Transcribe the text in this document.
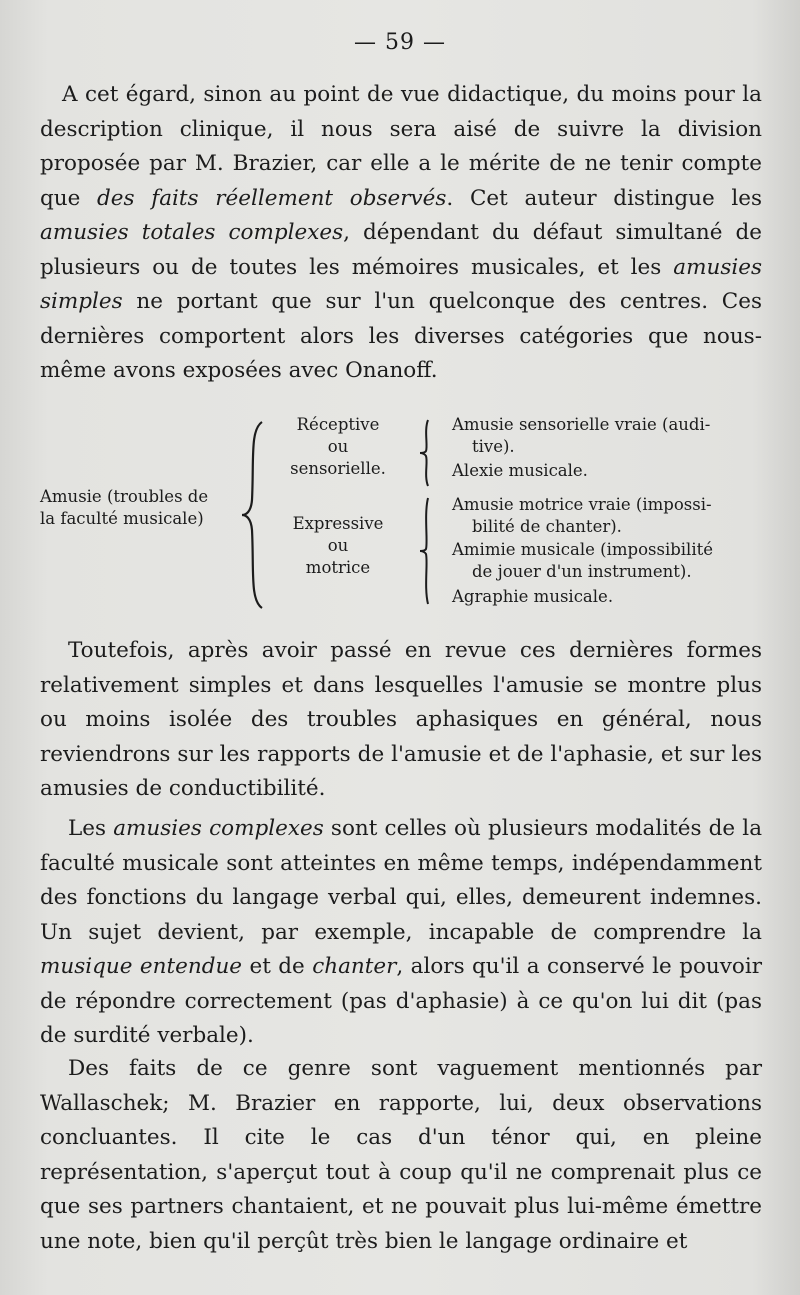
— 59 —

A cet égard, sinon au point de vue didactique, du moins pour la description clinique, il nous sera aisé de suivre la division proposée par M. Brazier, car elle a le mérite de ne tenir compte que des faits réellement observés. Cet auteur distingue les amusies totales complexes, dépendant du défaut simultané de plusieurs ou de toutes les mémoires musicales, et les amusies simples ne portant que sur l'un quelconque des centres. Ces dernières comportent alors les diverses catégories que nous-même avons exposées avec Onanoff.

Amusie (troubles de
la faculté musicale)
Réceptive
ou
sensorielle.
Expressive
ou
motrice
Amusie sensorielle vraie (audi-
tive).
Alexie musicale.
Amusie motrice vraie (impossi-
bilité de chanter).
Amimie musicale (impossibilité
de jouer d'un instrument).
Agraphie musicale.

Toutefois, après avoir passé en revue ces dernières formes relativement simples et dans lesquelles l'amusie se montre plus ou moins isolée des troubles aphasiques en général, nous reviendrons sur les rapports de l'amusie et de l'aphasie, et sur les amusies de conductibilité.

Les amusies complexes sont celles où plusieurs modalités de la faculté musicale sont atteintes en même temps, indépendamment des fonctions du langage verbal qui, elles, demeurent indemnes. Un sujet devient, par exemple, incapable de comprendre la musique entendue et de chanter, alors qu'il a conservé le pouvoir de répondre correctement (pas d'aphasie) à ce qu'on lui dit (pas de surdité verbale).

Des faits de ce genre sont vaguement mentionnés par Wallaschek; M. Brazier en rapporte, lui, deux observations concluantes. Il cite le cas d'un ténor qui, en pleine représentation, s'aperçut tout à coup qu'il ne comprenait plus ce que ses partners chantaient, et ne pouvait plus lui-même émettre une note, bien qu'il perçût très bien le langage ordinaire et
